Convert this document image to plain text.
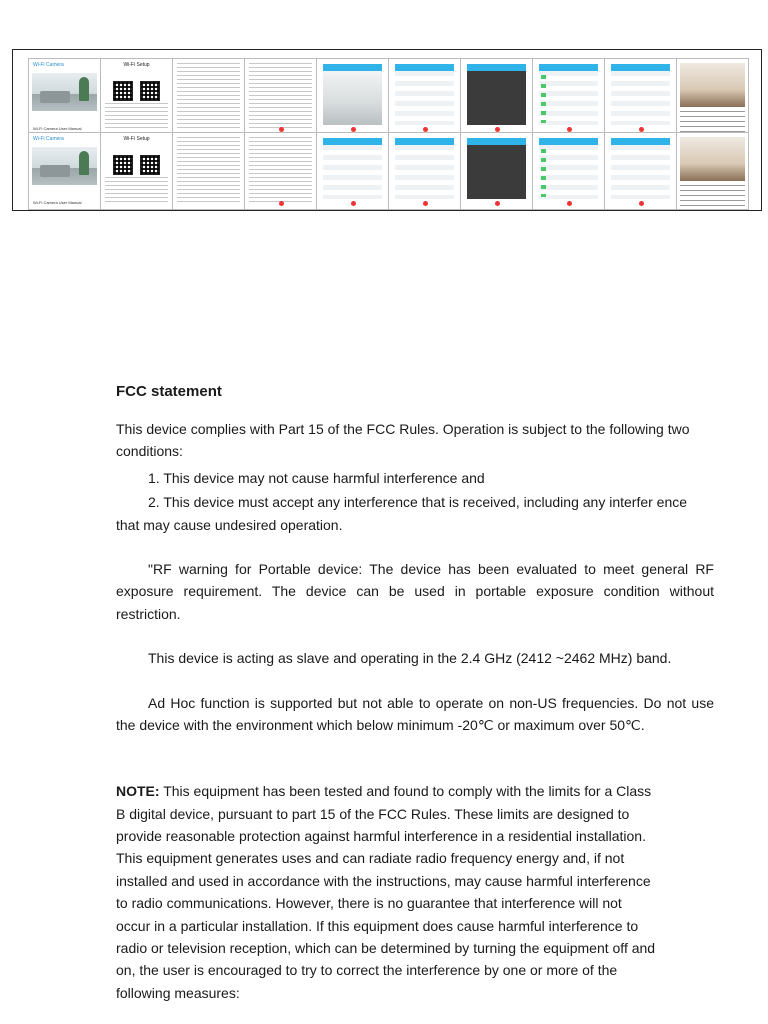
Wi-Fi Camera
Wi-Fi Camera User Manual
Wi-Fi Setup
Wi-Fi Camera
Wi-Fi Camera User Manual
Wi-Fi Setup
FCC statement
This device complies with Part 15 of the FCC Rules. Operation is subject to the following two conditions:
1. This device may not cause harmful interference and
2. This device must accept any interference that is received, including any interfer ence that may cause undesired operation.
"RF warning for Portable device: The device has been evaluated to meet general RF exposure requirement. The device can be used in portable exposure condition without restriction.
This device is acting as slave and operating in the 2.4 GHz (2412 ~2462 MHz) band.
Ad Hoc function is supported but not able to operate on non-US frequencies. Do not use the device with the environment which below minimum -20℃ or maximum over 50℃.
NOTE: This equipment has been tested and found to comply with the limits for a Class B digital device, pursuant to part 15 of the FCC Rules. These limits are designed to provide reasonable protection against harmful interference in a residential installation. This equipment generates uses and can radiate radio frequency energy and, if not installed and used in accordance with the instructions, may cause harmful interference to radio communications. However, there is no guarantee that interference will not occur in a particular installation. If this equipment does cause harmful interference to radio or television reception, which can be determined by turning the equipment off and on, the user is encouraged to try to correct the interference by one or more of the following measures:
